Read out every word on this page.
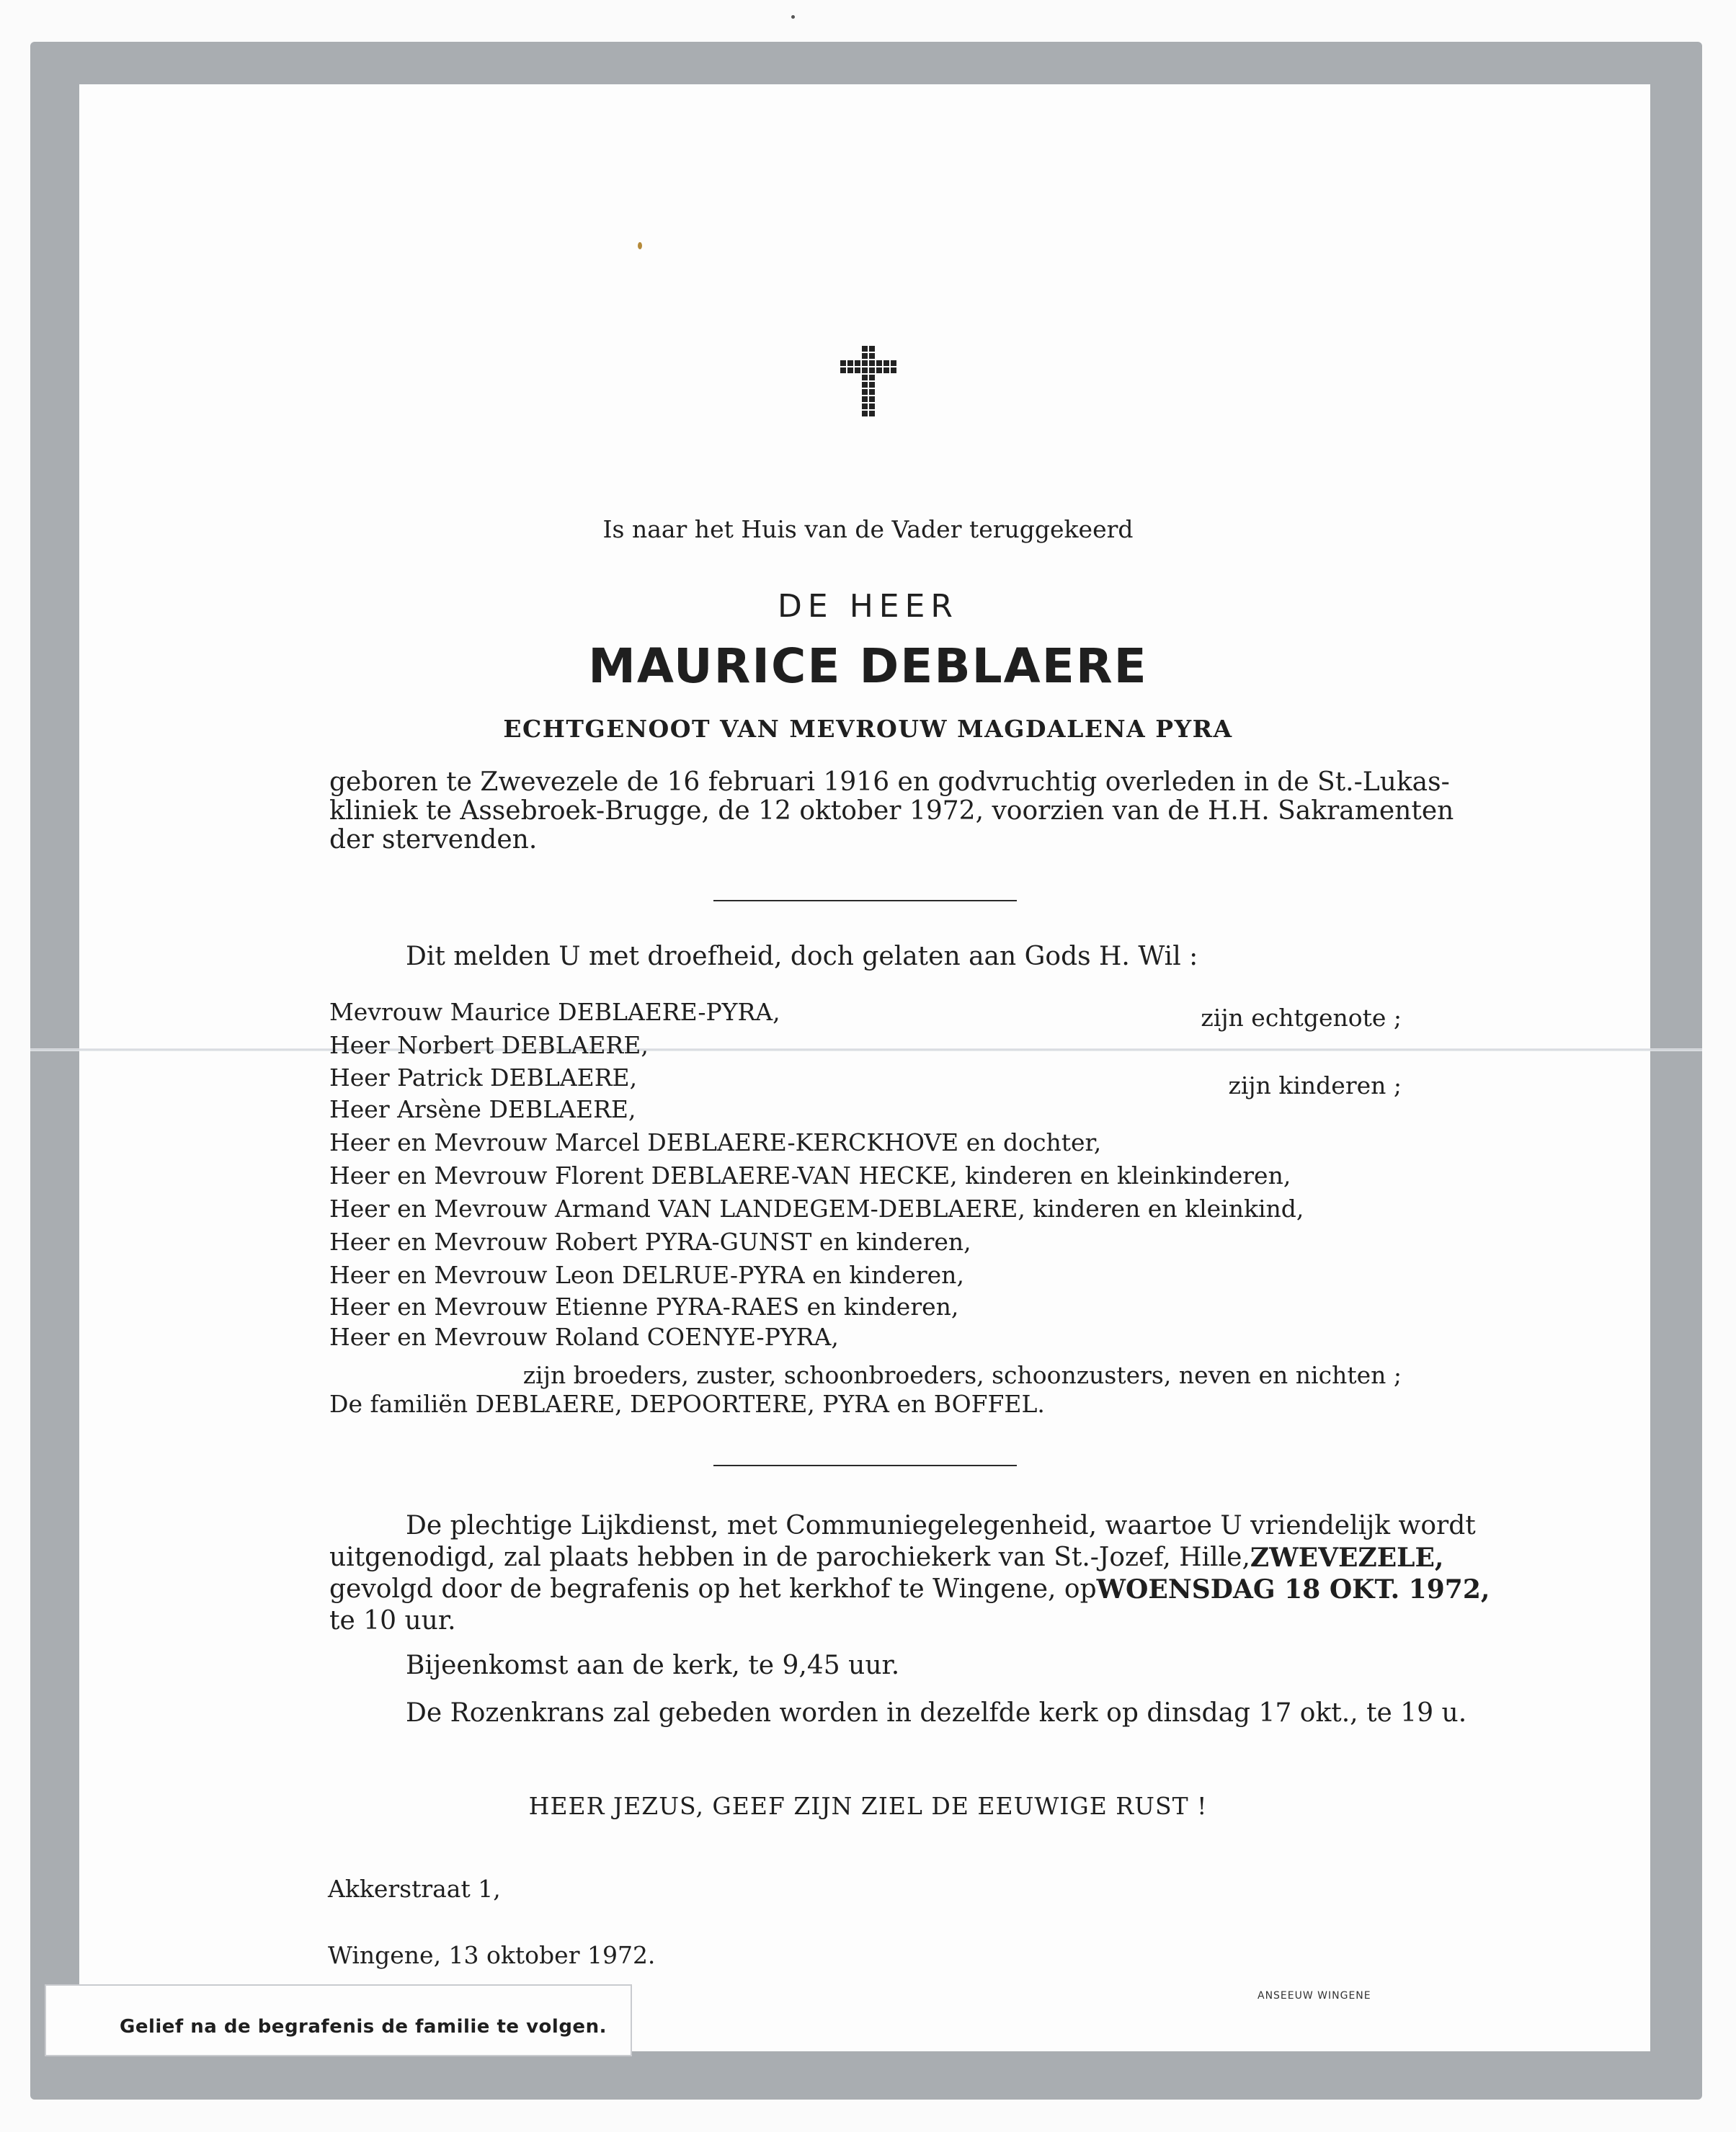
Is naar het Huis van de Vader teruggekeerd
DE HEER
MAURICE DEBLAERE
ECHTGENOOT VAN MEVROUW MAGDALENA PYRA
geboren te Zwevezele de 16 februari 1916 en godvruchtig overleden in de St.-Lukas-
kliniek te Assebroek-Brugge, de 12 oktober 1972, voorzien van de H.H. Sakramenten
der stervenden.
Dit melden U met droefheid, doch gelaten aan Gods H. Wil :
Mevrouw Maurice DEBLAERE-PYRA,	zijn echtgenote ;
Heer Norbert DEBLAERE,
Heer Patrick DEBLAERE,	zijn kinderen ;
Heer Arsène DEBLAERE,
Heer en Mevrouw Marcel DEBLAERE-KERCKHOVE en dochter,
Heer en Mevrouw Florent DEBLAERE-VAN HECKE, kinderen en kleinkinderen,
Heer en Mevrouw Armand VAN LANDEGEM-DEBLAERE, kinderen en kleinkind,
Heer en Mevrouw Robert PYRA-GUNST en kinderen,
Heer en Mevrouw Leon DELRUE-PYRA en kinderen,
Heer en Mevrouw Etienne PYRA-RAES en kinderen,
Heer en Mevrouw Roland COENYE-PYRA,
zijn broeders, zuster, schoonbroeders, schoonzusters, neven en nichten ;
De familiën DEBLAERE, DEPOORTERE, PYRA en BOFFEL.
De plechtige Lijkdienst, met Communiegelegenheid, waartoe U vriendelijk wordt
uitgenodigd, zal plaats hebben in de parochiekerk van St.-Jozef, Hille, ZWEVEZELE,
gevolgd door de begrafenis op het kerkhof te Wingene, op WOENSDAG 18 OKT. 1972,
te 10 uur.
Bijeenkomst aan de kerk, te 9,45 uur.
De Rozenkrans zal gebeden worden in dezelfde kerk op dinsdag 17 okt., te 19 u.
HEER JEZUS, GEEF ZIJN ZIEL DE EEUWIGE RUST !
Akkerstraat 1,
Wingene, 13 oktober 1972.
ANSEEUW WINGENE
Gelief na de begrafenis de familie te volgen.
